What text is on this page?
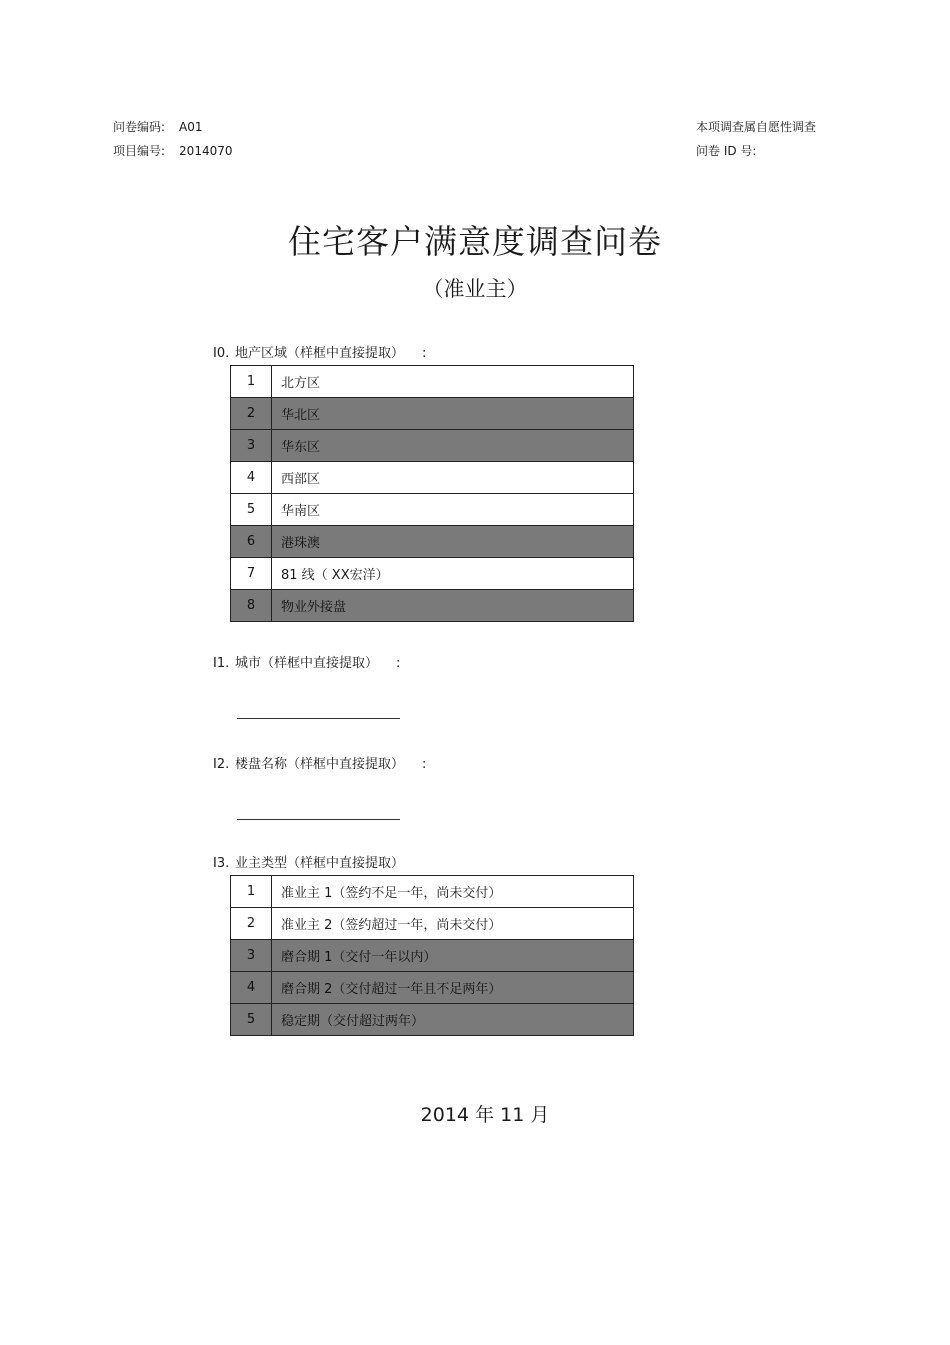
问卷编码: A01
项目编号: 2014070
本项调查属自愿性调查
问卷 ID 号:
住宅客户满意度调查问卷
（准业主）
I0. 地产区域（样框中直接提取） :
1	北方区
2	华北区
3	华东区
4	西部区
5	华南区
6	港珠澳
7	81 线（ XX宏洋）
8	物业外接盘
I1. 城市（样框中直接提取） :
I2. 楼盘名称（样框中直接提取） :
I3. 业主类型（样框中直接提取）
1	准业主 1（签约不足一年，尚未交付）
2	准业主 2（签约超过一年，尚未交付）
3	磨合期 1（交付一年以内）
4	磨合期 2（交付超过一年且不足两年）
5	稳定期（交付超过两年）
2014 年 11 月
